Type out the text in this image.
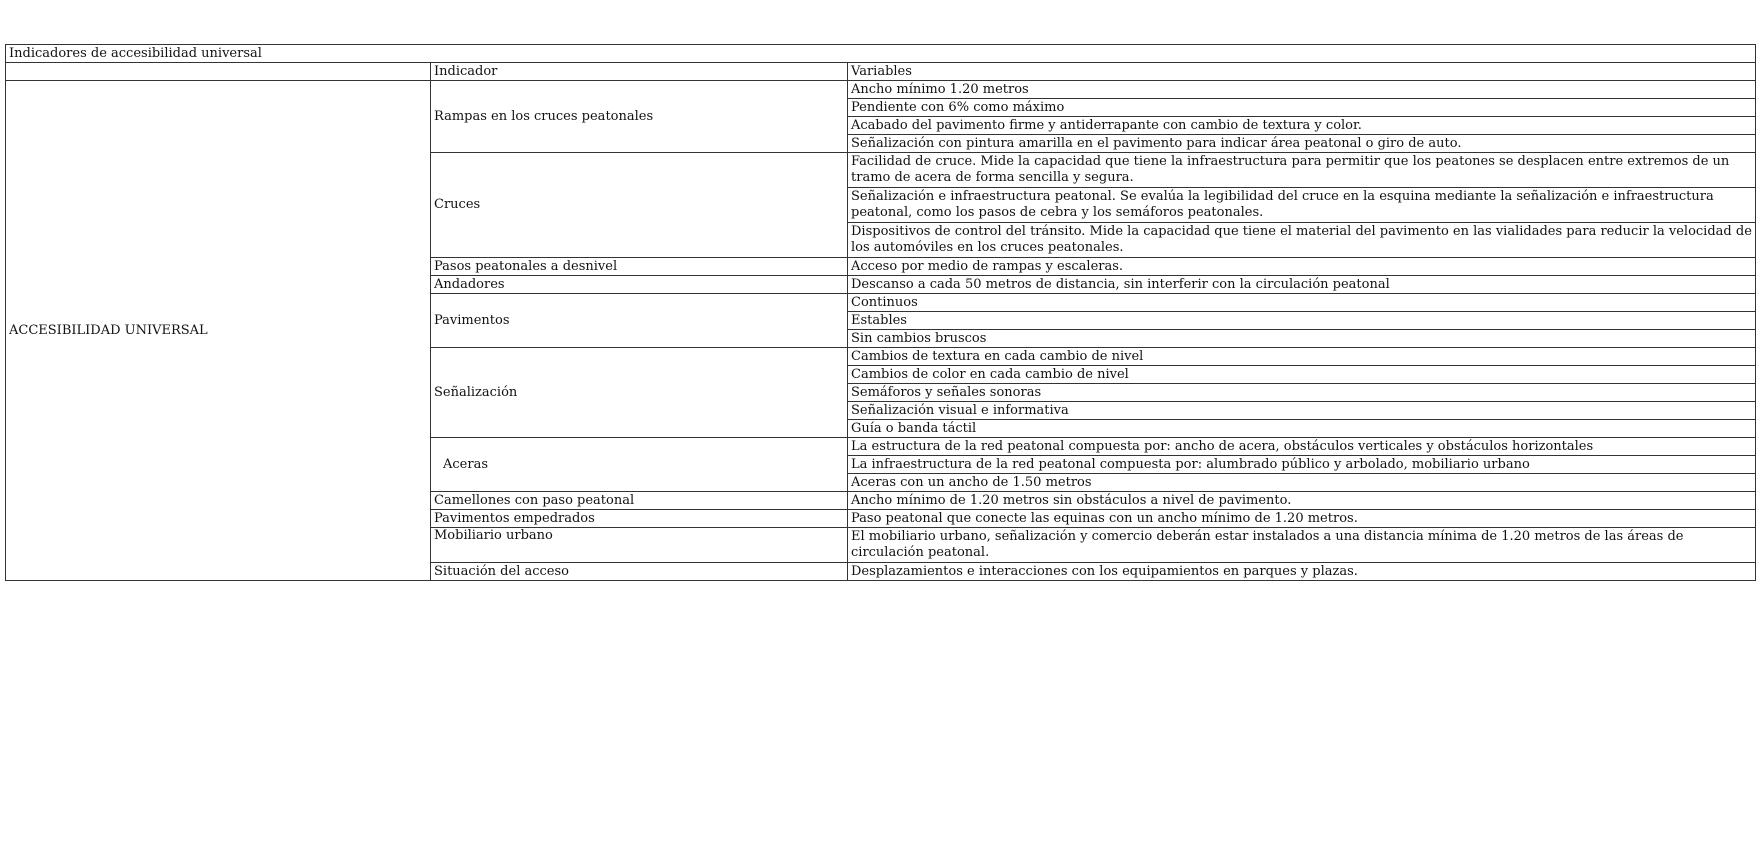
Indicadores de accesibilidad universal		
	Indicador	Variables
ACCESIBILIDAD UNIVERSAL	Rampas en los cruces peatonales	Ancho mínimo 1.20 metros
		Pendiente con 6% como máximo
		Acabado del pavimento firme y antiderrapante con cambio de textura y color.
		Señalización con pintura amarilla en el pavimento para indicar área peatonal o giro de auto.
	Cruces	Facilidad de cruce. Mide la capacidad que tiene la infraestructura para permitir que los peatones se desplacen entre extremos de un tramo de acera de forma sencilla y segura.
		Señalización e infraestructura peatonal. Se evalúa la legibilidad del cruce en la esquina mediante la señalización e infraestructura peatonal, como los pasos de cebra y los semáforos peatonales.
		Dispositivos de control del tránsito. Mide la capacidad que tiene el material del pavimento en las vialidades para reducir la velocidad de los automóviles en los cruces peatonales.
	Pasos peatonales a desnivel	Acceso por medio de rampas y escaleras.
	Andadores	Descanso a cada 50 metros de distancia, sin interferir con la circulación peatonal
	Pavimentos	Continuos
		Estables
		Sin cambios bruscos
	Señalización	Cambios de textura en cada cambio de nivel
		Cambios de color en cada cambio de nivel
		Semáforos y señales sonoras
		Señalización visual e informativa
		Guía o banda táctil
	Aceras	La estructura de la red peatonal compuesta por: ancho de acera, obstáculos verticales y obstáculos horizontales
		La infraestructura de la red peatonal compuesta por: alumbrado público y arbolado, mobiliario urbano
		Aceras con un ancho de 1.50 metros
	Camellones con paso peatonal	Ancho mínimo de 1.20 metros sin obstáculos a nivel de pavimento.
	Pavimentos empedrados	Paso peatonal que conecte las equinas con un ancho mínimo de 1.20 metros.
	Mobiliario urbano	El mobiliario urbano, señalización y comercio deberán estar instalados a una distancia mínima de 1.20 metros de las áreas de circulación peatonal.
	Situación del acceso	Desplazamientos e interacciones con los equipamientos en parques y plazas.
